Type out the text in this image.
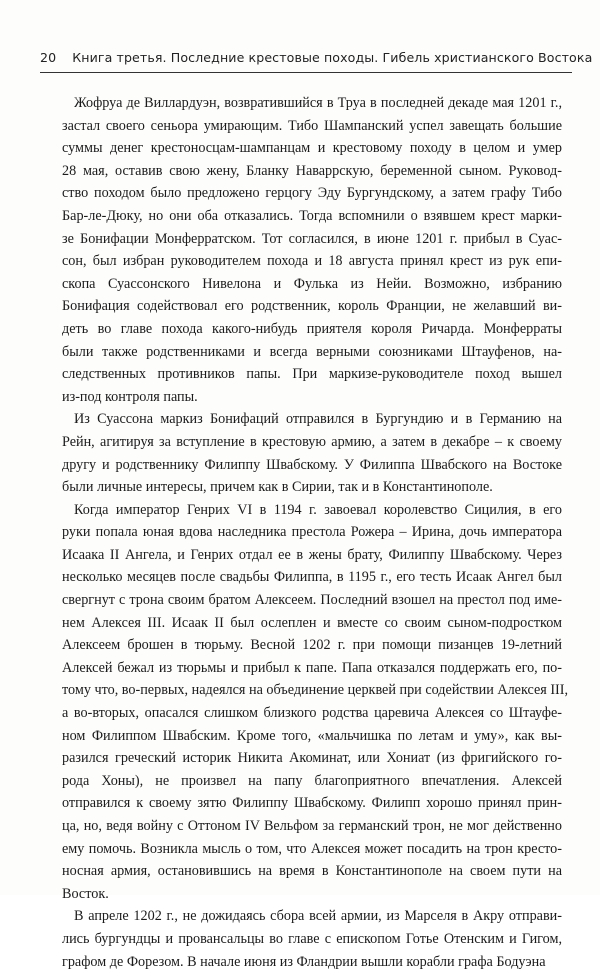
20 Книга третья. Последние крестовые походы. Гибель христианского Востока
Жофруа де Виллардуэн, возвратившийся в Труа в последней декаде мая 1201 г.,
застал своего сеньора умирающим. Тибо Шампанский успел завещать большие
суммы денег крестоносцам-шампанцам и крестовому походу в целом и умер
28 мая, оставив свою жену, Бланку Наваррскую, беременной сыном. Руковод-
ство походом было предложено герцогу Эду Бургундскому, а затем графу Тибо
Бар-ле-Дюку, но они оба отказались. Тогда вспомнили о взявшем крест марки-
зе Бонифации Монферратском. Тот согласился, в июне 1201 г. прибыл в Суас-
сон, был избран руководителем похода и 18 августа принял крест из рук епи-
скопа Суассонского Нивелона и Фулька из Нейи. Возможно, избранию
Бонифация содействовал его родственник, король Франции, не желавший ви-
деть во главе похода какого-нибудь приятеля короля Ричарда. Монферраты
были также родственниками и всегда верными союзниками Штауфенов, на-
следственных противников папы. При маркизе-руководителе поход вышел
из-под контроля папы.
Из Суассона маркиз Бонифаций отправился в Бургундию и в Германию на
Рейн, агитируя за вступление в крестовую армию, а затем в декабре – к своему
другу и родственнику Филиппу Швабскому. У Филиппа Швабского на Востоке
были личные интересы, причем как в Сирии, так и в Константинополе.
Когда император Генрих VI в 1194 г. завоевал королевство Сицилия, в его
руки попала юная вдова наследника престола Рожера – Ирина, дочь императора
Исаака II Ангела, и Генрих отдал ее в жены брату, Филиппу Швабскому. Через
несколько месяцев после свадьбы Филиппа, в 1195 г., его тесть Исаак Ангел был
свергнут с трона своим братом Алексеем. Последний взошел на престол под име-
нем Алексея III. Исаак II был ослеплен и вместе со своим сыном-подростком
Алексеем брошен в тюрьму. Весной 1202 г. при помощи пизанцев 19-летний
Алексей бежал из тюрьмы и прибыл к папе. Папа отказался поддержать его, по-
тому что, во-первых, надеялся на объединение церквей при содействии Алексея III,
а во-вторых, опасался слишком близкого родства царевича Алексея со Штауфе-
ном Филиппом Швабским. Кроме того, «мальчишка по летам и уму», как вы-
разился греческий историк Никита Акоминат, или Хониат (из фригийского го-
рода Хоны), не произвел на папу благоприятного впечатления. Алексей
отправился к своему зятю Филиппу Швабскому. Филипп хорошо принял прин-
ца, но, ведя войну с Оттоном IV Вельфом за германский трон, не мог действенно
ему помочь. Возникла мысль о том, что Алексея может посадить на трон кресто-
носная армия, остановившись на время в Константинополе на своем пути на
Восток.
В апреле 1202 г., не дожидаясь сбора всей армии, из Марселя в Акру отправи-
лись бургундцы и провансальцы во главе с епископом Готье Отенским и Гигом,
графом де Форезом. В начале июня из Фландрии вышли корабли графа Бодуэна
